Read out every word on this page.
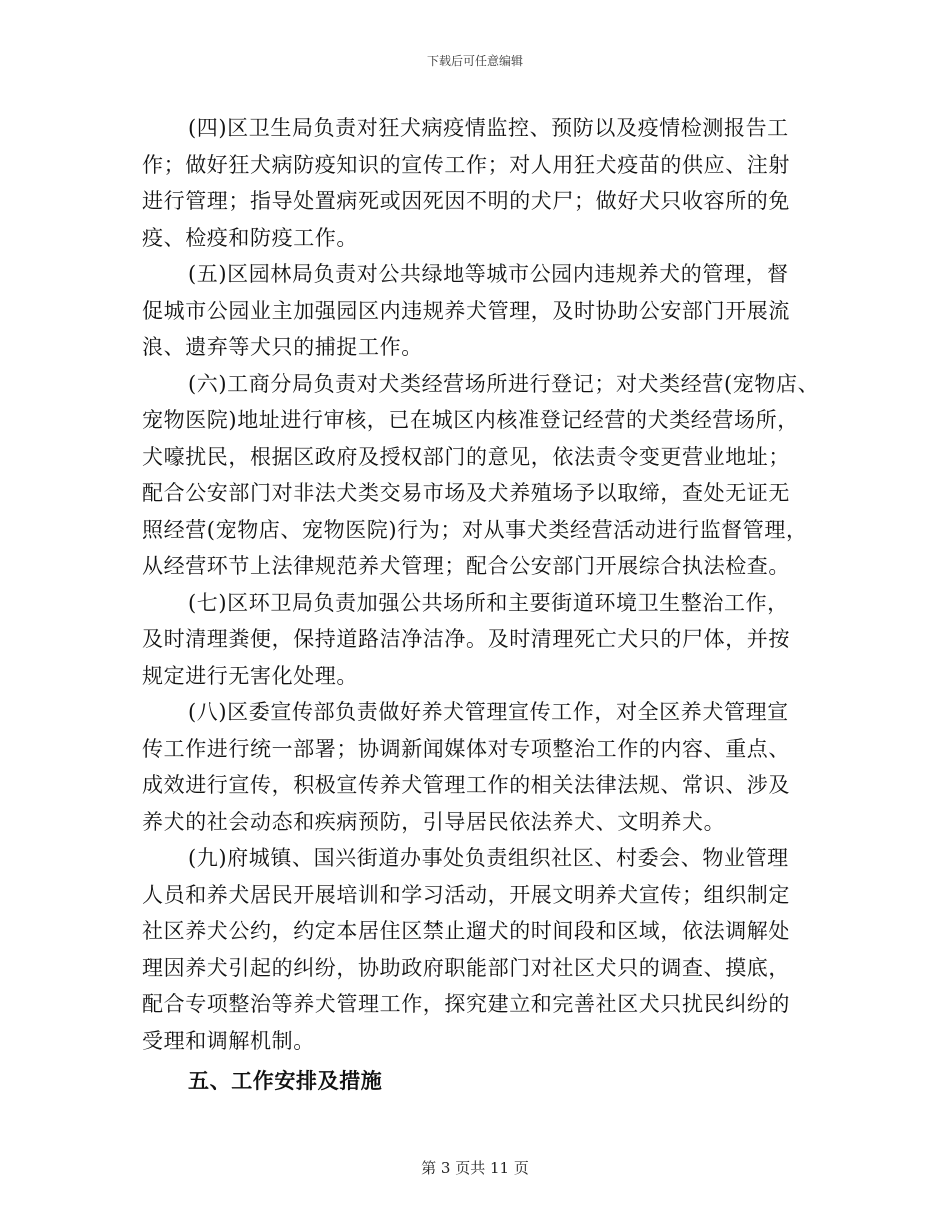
下载后可任意编辑
(四)区卫生局负责对狂犬病疫情监控、预防以及疫情检测报告工
作；做好狂犬病防疫知识的宣传工作；对人用狂犬疫苗的供应、注射
进行管理；指导处置病死或因死因不明的犬尸；做好犬只收容所的免
疫、检疫和防疫工作。
(五)区园林局负责对公共绿地等城市公园内违规养犬的管理，督
促城市公园业主加强园区内违规养犬管理，及时协助公安部门开展流
浪、遗弃等犬只的捕捉工作。
(六)工商分局负责对犬类经营场所进行登记；对犬类经营(宠物店、
宠物医院)地址进行审核，已在城区内核准登记经营的犬类经营场所，
犬嚎扰民，根据区政府及授权部门的意见，依法责令变更营业地址；
配合公安部门对非法犬类交易市场及犬养殖场予以取缔，查处无证无
照经营(宠物店、宠物医院)行为；对从事犬类经营活动进行监督管理，
从经营环节上法律规范养犬管理；配合公安部门开展综合执法检查。
(七)区环卫局负责加强公共场所和主要街道环境卫生整治工作，
及时清理粪便，保持道路洁净洁净。及时清理死亡犬只的尸体，并按
规定进行无害化处理。
(八)区委宣传部负责做好养犬管理宣传工作，对全区养犬管理宣
传工作进行统一部署；协调新闻媒体对专项整治工作的内容、重点、
成效进行宣传，积极宣传养犬管理工作的相关法律法规、常识、涉及
养犬的社会动态和疾病预防，引导居民依法养犬、文明养犬。
(九)府城镇、国兴街道办事处负责组织社区、村委会、物业管理
人员和养犬居民开展培训和学习活动，开展文明养犬宣传；组织制定
社区养犬公约，约定本居住区禁止遛犬的时间段和区域，依法调解处
理因养犬引起的纠纷，协助政府职能部门对社区犬只的调查、摸底，
配合专项整治等养犬管理工作，探究建立和完善社区犬只扰民纠纷的
受理和调解机制。
五、工作安排及措施
第 3 页共 11 页
